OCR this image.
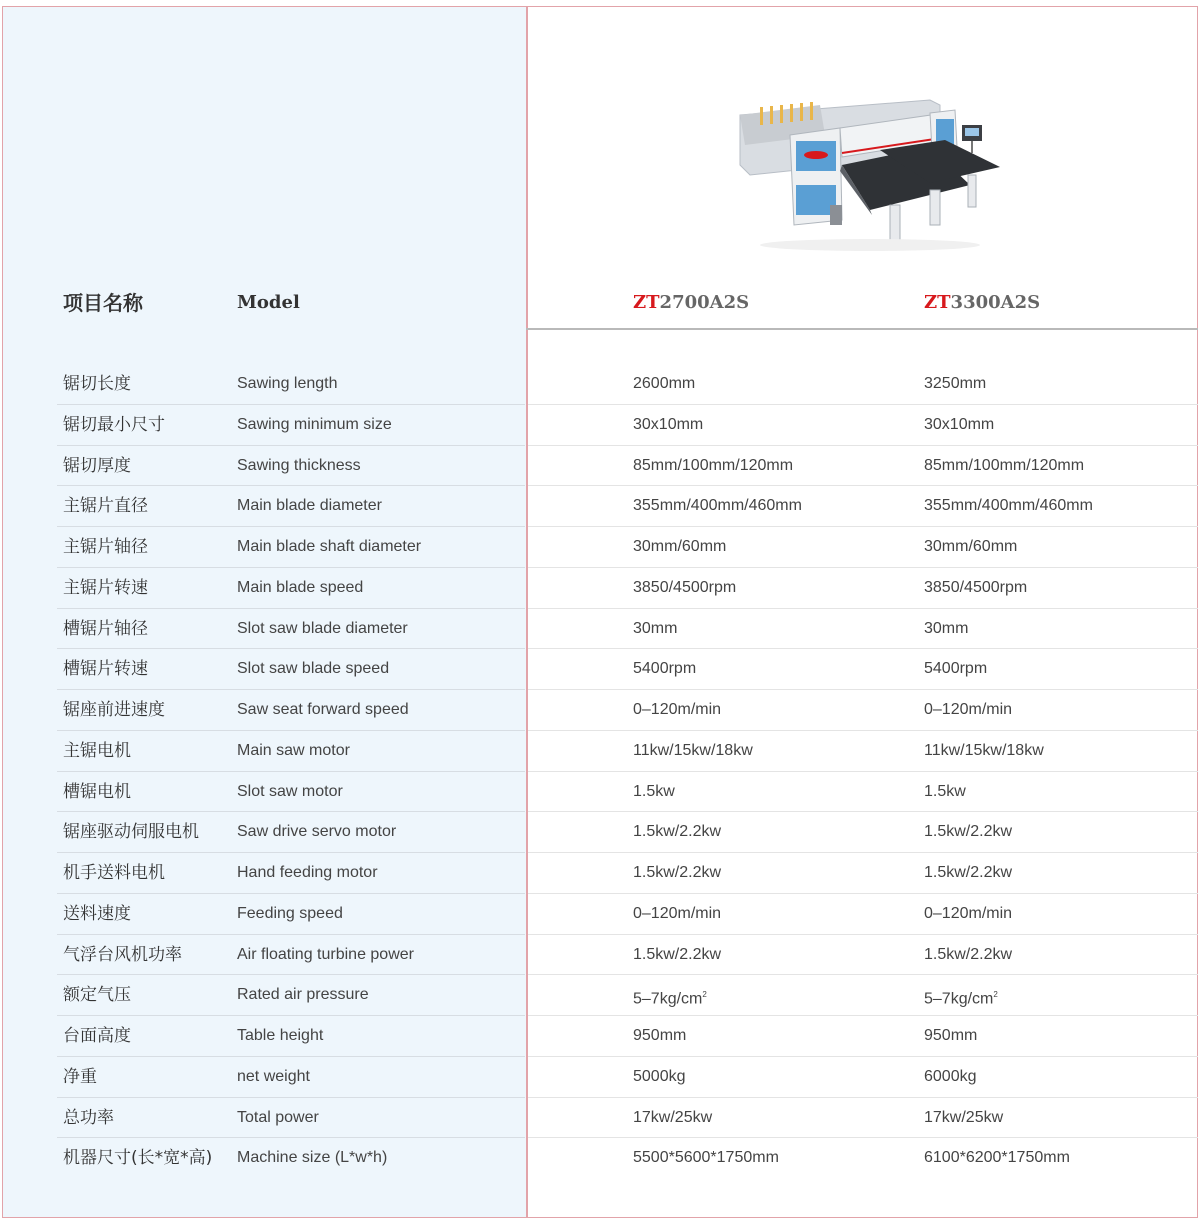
项目名称	Model	ZT2700A2S	ZT3300A2S
锯切长度	Sawing length	2600mm	3250mm
锯切最小尺寸	Sawing minimum size	30x10mm	30x10mm
锯切厚度	Sawing thickness	85mm/100mm/120mm	85mm/100mm/120mm
主锯片直径	Main blade diameter	355mm/400mm/460mm	355mm/400mm/460mm
主锯片轴径	Main blade shaft diameter	30mm/60mm	30mm/60mm
主锯片转速	Main blade speed	3850/4500rpm	3850/4500rpm
槽锯片轴径	Slot saw blade diameter	30mm	30mm
槽锯片转速	Slot saw blade speed	5400rpm	5400rpm
锯座前进速度	Saw seat forward speed	0–120m/min	0–120m/min
主锯电机	Main saw motor	11kw/15kw/18kw	11kw/15kw/18kw
槽锯电机	Slot saw motor	1.5kw	1.5kw
锯座驱动伺服电机 Saw drive servo motor	1.5kw/2.2kw	1.5kw/2.2kw
机手送料电机	Hand feeding motor	1.5kw/2.2kw	1.5kw/2.2kw
送料速度	Feeding speed	0–120m/min	0–120m/min
气浮台风机功率	Air floating turbine power	1.5kw/2.2kw	1.5kw/2.2kw
额定气压	Rated air pressure	$5-7kg/cm^2$	$5-7kg/cm^2$
台面高度	Table height	950mm	950mm
净重	net weight	5000kg	6000kg
总功率	Total power	17kw/25kw	17kw/25kw
机器尺寸(长*宽*高) Machine size (L*w*h)	5500*5600*1750mm	6100*6200*1750mm
